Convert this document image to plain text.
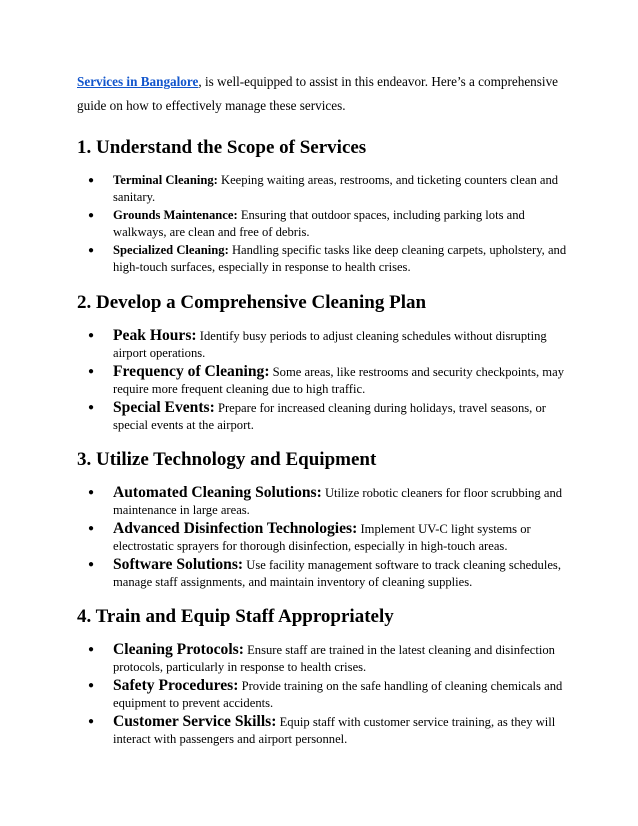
Services in Bangalore, is well-equipped to assist in this endeavor. Here’s a comprehensive guide on how to effectively manage these services.

1. Understand the Scope of Services
● Terminal Cleaning: Keeping waiting areas, restrooms, and ticketing counters clean and sanitary.
● Grounds Maintenance: Ensuring that outdoor spaces, including parking lots and walkways, are clean and free of debris.
● Specialized Cleaning: Handling specific tasks like deep cleaning carpets, upholstery, and high-touch surfaces, especially in response to health crises.
2. Develop a Comprehensive Cleaning Plan
● Peak Hours: Identify busy periods to adjust cleaning schedules without disrupting airport operations.
● Frequency of Cleaning: Some areas, like restrooms and security checkpoints, may require more frequent cleaning due to high traffic.
● Special Events: Prepare for increased cleaning during holidays, travel seasons, or special events at the airport.
3. Utilize Technology and Equipment
● Automated Cleaning Solutions: Utilize robotic cleaners for floor scrubbing and maintenance in large areas.
● Advanced Disinfection Technologies: Implement UV-C light systems or electrostatic sprayers for thorough disinfection, especially in high-touch areas.
● Software Solutions: Use facility management software to track cleaning schedules, manage staff assignments, and maintain inventory of cleaning supplies.
4. Train and Equip Staff Appropriately
● Cleaning Protocols: Ensure staff are trained in the latest cleaning and disinfection protocols, particularly in response to health crises.
● Safety Procedures: Provide training on the safe handling of cleaning chemicals and equipment to prevent accidents.
● Customer Service Skills: Equip staff with customer service training, as they will interact with passengers and airport personnel.
